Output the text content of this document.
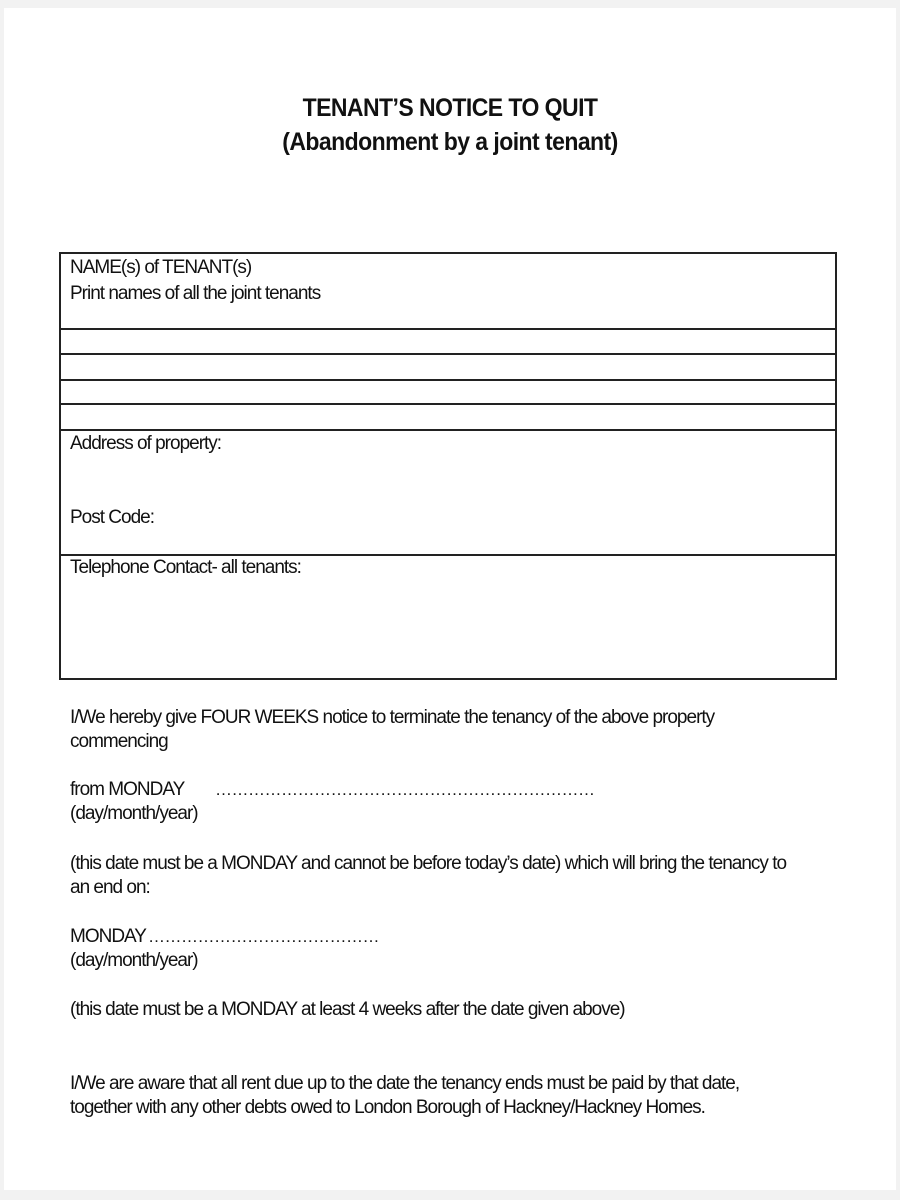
TENANT’S NOTICE TO QUIT
(Abandonment by a joint tenant)
NAME(s) of TENANT(s)
Print names of all the joint tenants
Address of property:
Post Code:
Telephone Contact- all tenants:
I/We hereby give FOUR WEEKS notice to terminate the tenancy of the above property
commencing
from MONDAY ……………………………………………………………
(day/month/year)
(this date must be a MONDAY and cannot be before today’s date) which will bring the tenancy to
an end on:
MONDAY ……………………………………
(day/month/year)
(this date must be a MONDAY at least 4 weeks after the date given above)
I/We are aware that all rent due up to the date the tenancy ends must be paid by that date,
together with any other debts owed to London Borough of Hackney/Hackney Homes.
